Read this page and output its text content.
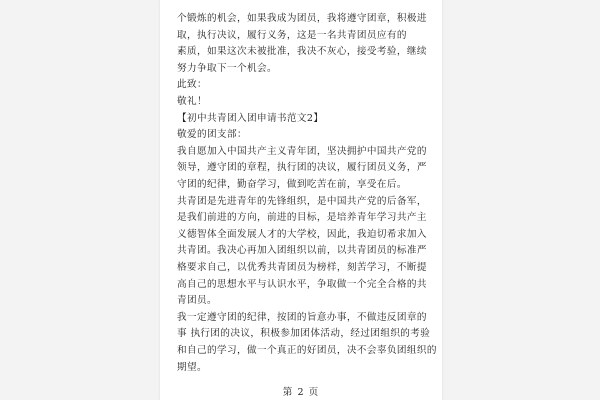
个锻炼的机会，如果我成为团员，我将遵守团章，积极进
取，执行决议，履行义务，这是一名共青团员应有的
素质，如果这次未被批准，我决不灰心，接受考验，继续
努力争取下一个机会。
此致：
敬礼！
【初中共青团入团申请书范文2】
敬爱的团支部：
我自愿加入中国共产主义青年团，坚决拥护中国共产党的
领导，遵守团的章程，执行团的决议，履行团员义务，严
守团的纪律，勤奋学习，做到吃苦在前，享受在后。
共青团是先进青年的先锋组织，是中国共产党的后备军，
是我们前进的方向，前进的目标，是培养青年学习共产主
义德智体全面发展人才的大学校，因此，我迫切希求加入
共青团。我决心再加入团组织以前，以共青团员的标准严
格要求自己，以优秀共青团员为榜样，刻苦学习，不断提
高自己的思想水平与认识水平，争取做一个完全合格的共
青团员。
我一定遵守团的纪律，按团的旨意办事，不做违反团章的
事 执行团的决议，积极参加团体活动，经过团组织的考验
和自己的学习，做一个真正的好团员，决不会辜负团组织的
期望。
第 2 页
